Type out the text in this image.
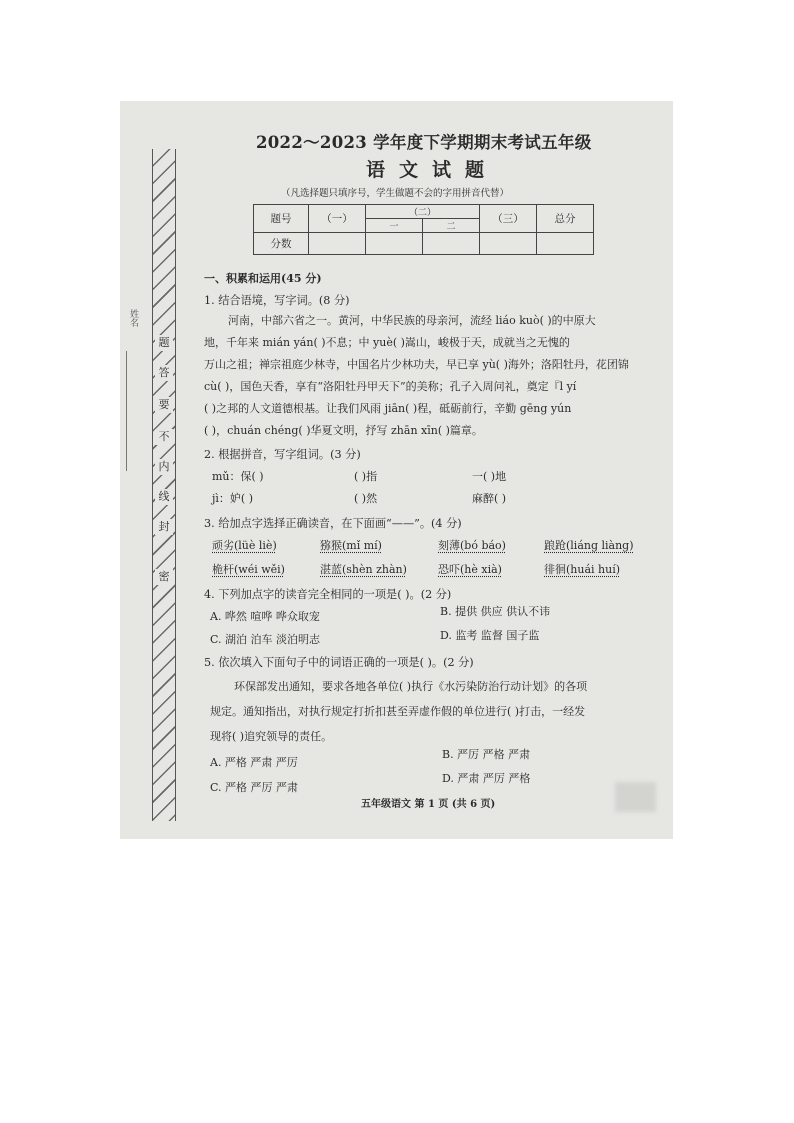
密
封
线
内
不
要
答
题
姓名
2022～2023 学年度下学期期末考试五年级
语文试题
（凡选择题只填序号，学生做题不会的字用拼音代替）
题号	（一）	（二）		（三）	总分
		一	二		
分数					
一、积累和运用(45 分)
1. 结合语境，写字词。(8 分)
河南，中部六省之一。黄河，中华民族的母亲河，流经 liáo kuò( )的中原大
地，千年来 mián yán( )不息；中 yuè( )嵩山，峻极于天，成就当之无愧的
万山之祖；禅宗祖庭少林寺，中国名片少林功夫，早已享 yù( )海外；洛阳牡丹，花团锦
cù( )，国色天香，享有“洛阳牡丹甲天下”的美称；孔子入周问礼，奠定『l yí
( )之邦的人文道德根基。让我们风雨 jiān( )程，砥砺前行，辛勤 gēng yún
( )，chuán chéng( )华夏文明，抒写 zhān xīn( )篇章。
2. 根据拼音，写字组词。(3 分)
mǔ：保( )	( )指	一( )地
jì：妒( )	( )然	麻醉( )
3. 给加点字选择正确读音，在下面画“——”。(4 分)
顽劣(lüè liè)	猕猴(mǐ mí)	刻薄(bó báo)	踉跄(liáng liàng)
桅杆(wéi wěi)	湛蓝(shèn zhàn)	恐吓(hè xià)	徘徊(huái huí)
4. 下列加点字的读音完全相同的一项是( )。(2 分)
A. 哗然 喧哗 哗众取宠	B. 提供 供应 供认不讳
C. 湖泊 泊车 淡泊明志	D. 监考 监督 国子监
5. 依次填入下面句子中的词语正确的一项是( )。(2 分)
环保部发出通知，要求各地各单位( )执行《水污染防治行动计划》的各项
规定。通知指出，对执行规定打折扣甚至弄虚作假的单位进行( )打击，一经发
现将( )追究领导的责任。
A. 严格 严肃 严厉
B. 严厉 严格 严肃
C. 严格 严厉 严肃
D. 严肃 严厉 严格
五年级语文 第 1 页 (共 6 页)
